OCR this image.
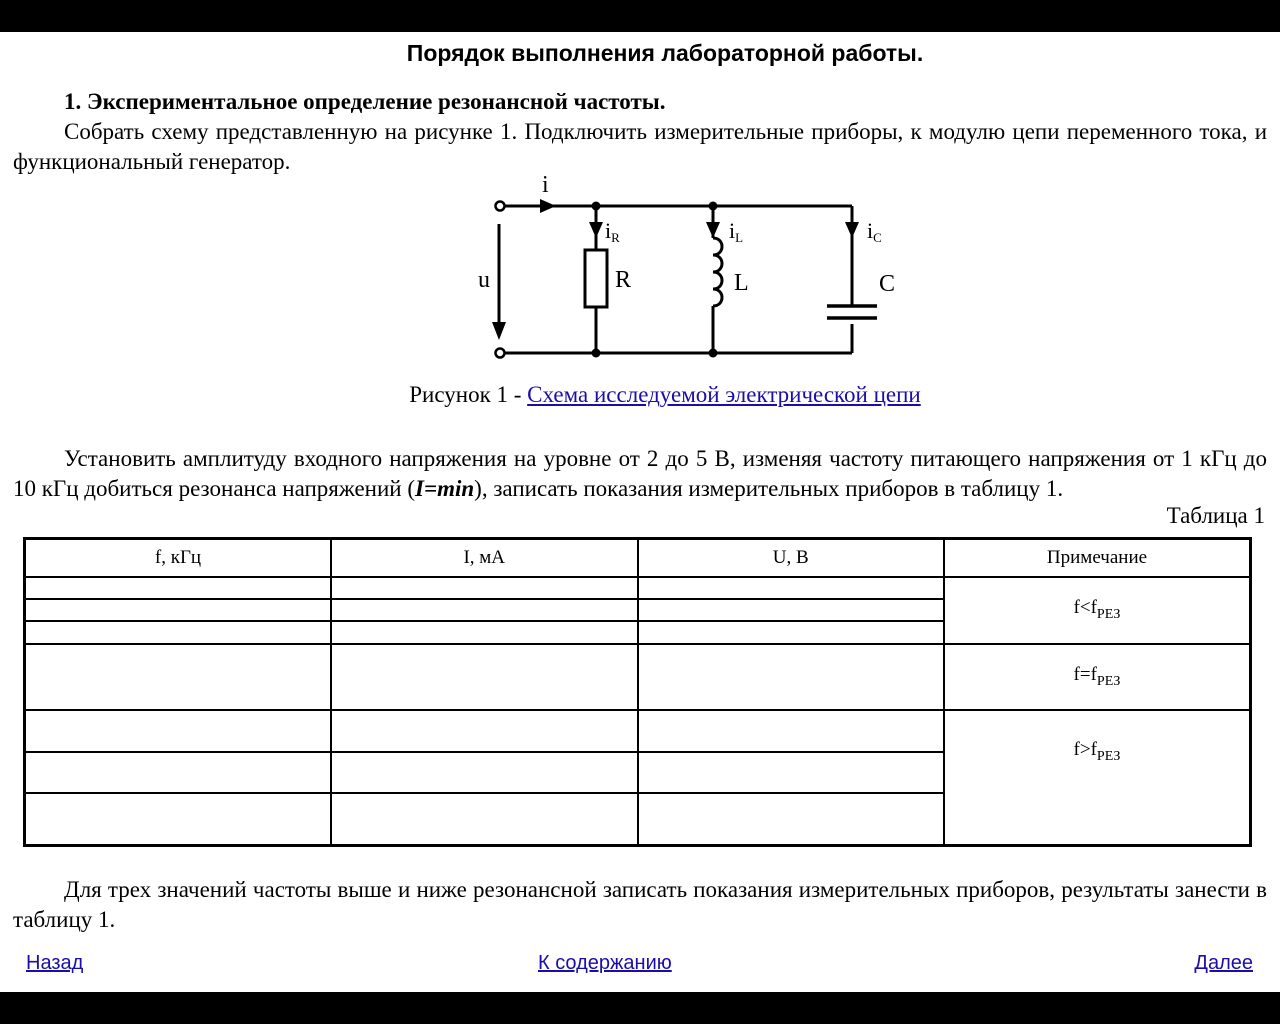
Порядок выполнения лабораторной работы.
1. Экспериментальное определение резонансной частоты.
Собрать схему представленную на рисунке 1. Подключить измерительные приборы, к модулю цепи переменного тока, и функциональный генератор.
i
iR	iL	iC
u	R	L	C
Рисунок 1 - Схема исследуемой электрической цепи
Установить амплитуду входного напряжения на уровне от 2 до 5 В, изменяя частоту питающего напряжения от 1 кГц до 10 кГц добиться резонанса напряжений (I=min), записать показания измерительных приборов в таблицу 1.
Таблица 1
f, кГц	I, мА	U, В	Примечание
			$f<f_{РЕЗ}$

			$f=f_{РЕЗ}$
			$f>f_{РЕЗ}$

Для трех значений частоты выше и ниже резонансной записать показания измерительных приборов, результаты занести в таблицу 1.
Назад	К содержанию	Далее
